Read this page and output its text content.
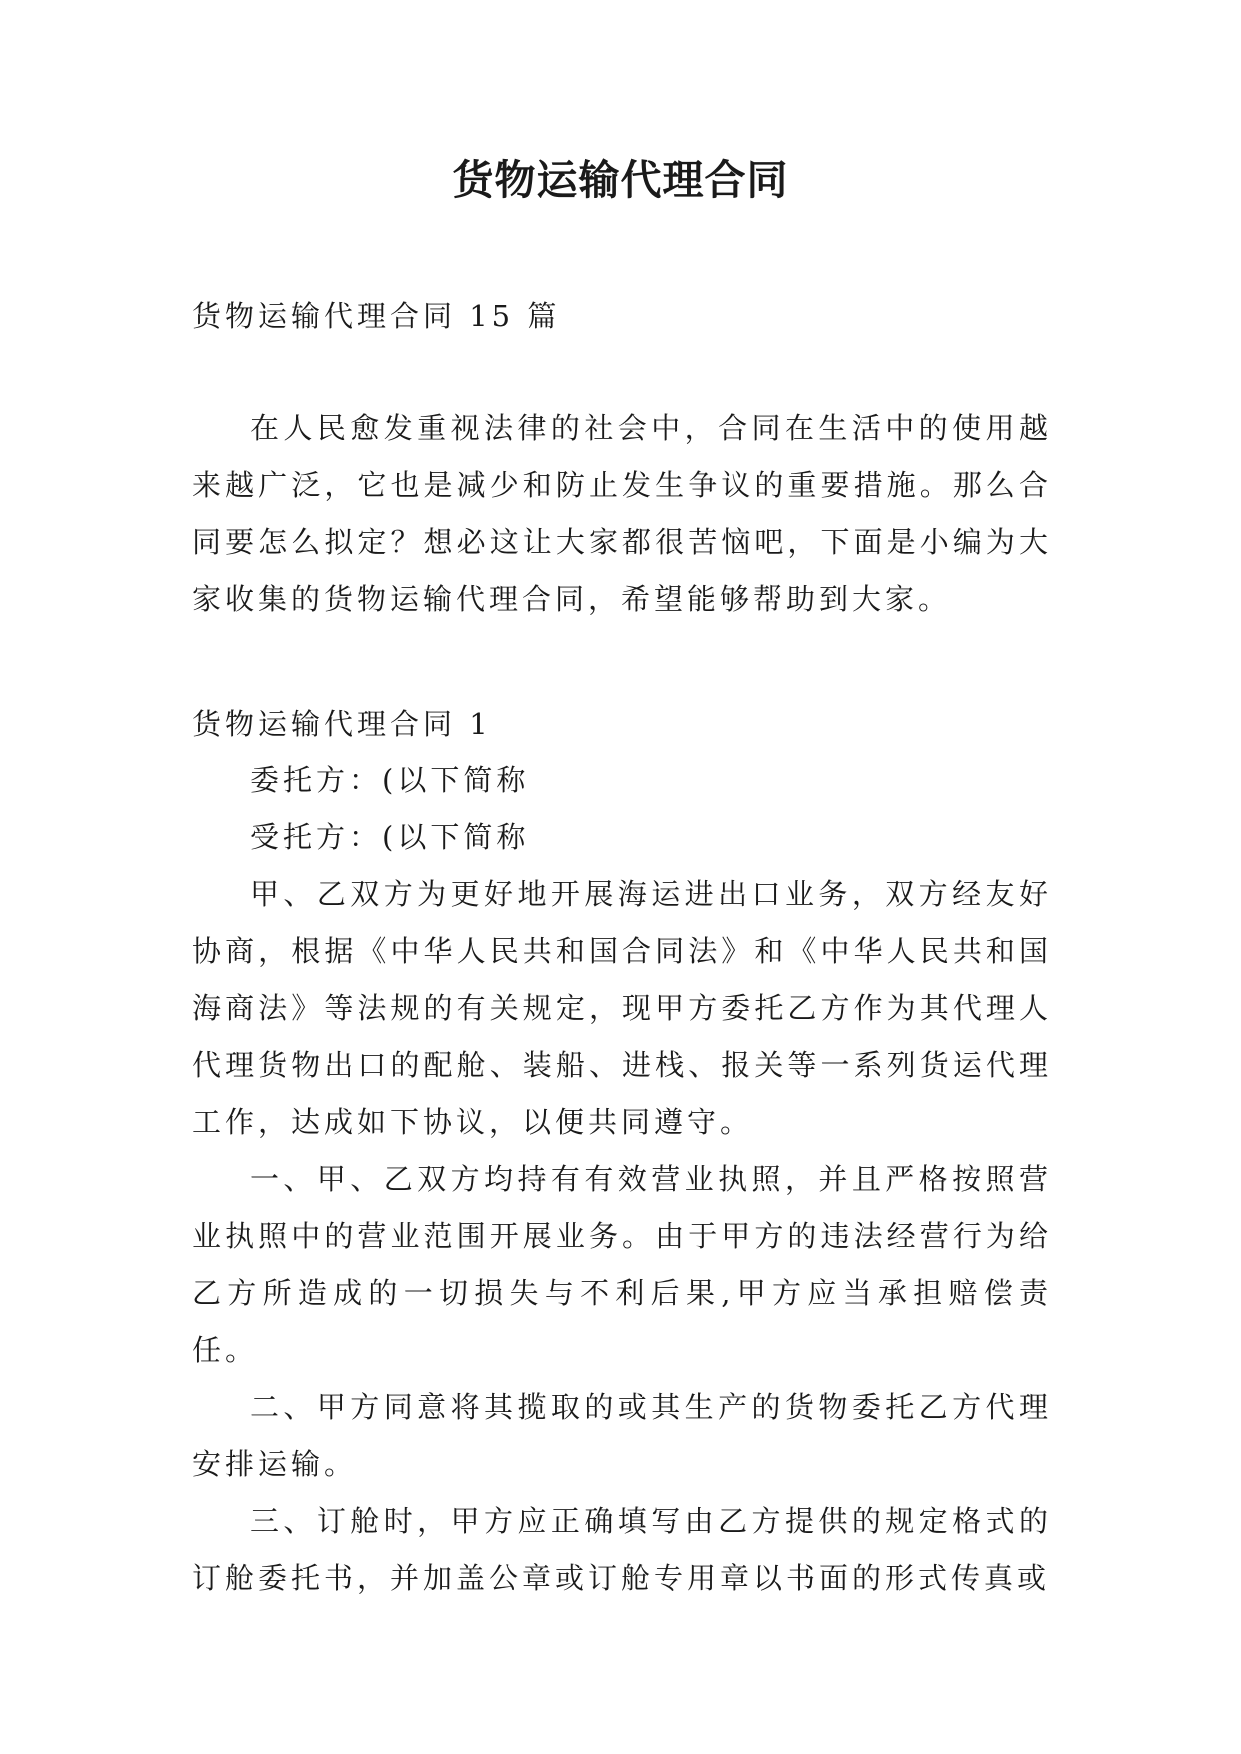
货物运输代理合同

货物运输代理合同 15 篇

在人民愈发重视法律的社会中，合同在生活中的使用越来越广泛，它也是减少和防止发生争议的重要措施。那么合同要怎么拟定？想必这让大家都很苦恼吧，下面是小编为大家收集的货物运输代理合同，希望能够帮助到大家。

货物运输代理合同 1

委托方：(以下简称

受托方：(以下简称

甲、乙双方为更好地开展海运进出口业务，双方经友好协商，根据《中华人民共和国合同法》和《中华人民共和国海商法》等法规的有关规定，现甲方委托乙方作为其代理人代理货物出口的配舱、装船、进栈、报关等一系列货运代理工作，达成如下协议，以便共同遵守。

一、甲、乙双方均持有有效营业执照，并且严格按照营业执照中的营业范围开展业务。由于甲方的违法经营行为给乙方所造成的一切损失与不利后果,甲方应当承担赔偿责任。

二、甲方同意将其揽取的或其生产的货物委托乙方代理安排运输。

三、订舱时，甲方应正确填写由乙方提供的规定格式的订舱委托书，并加盖公章或订舱专用章以书面的形式传真或
